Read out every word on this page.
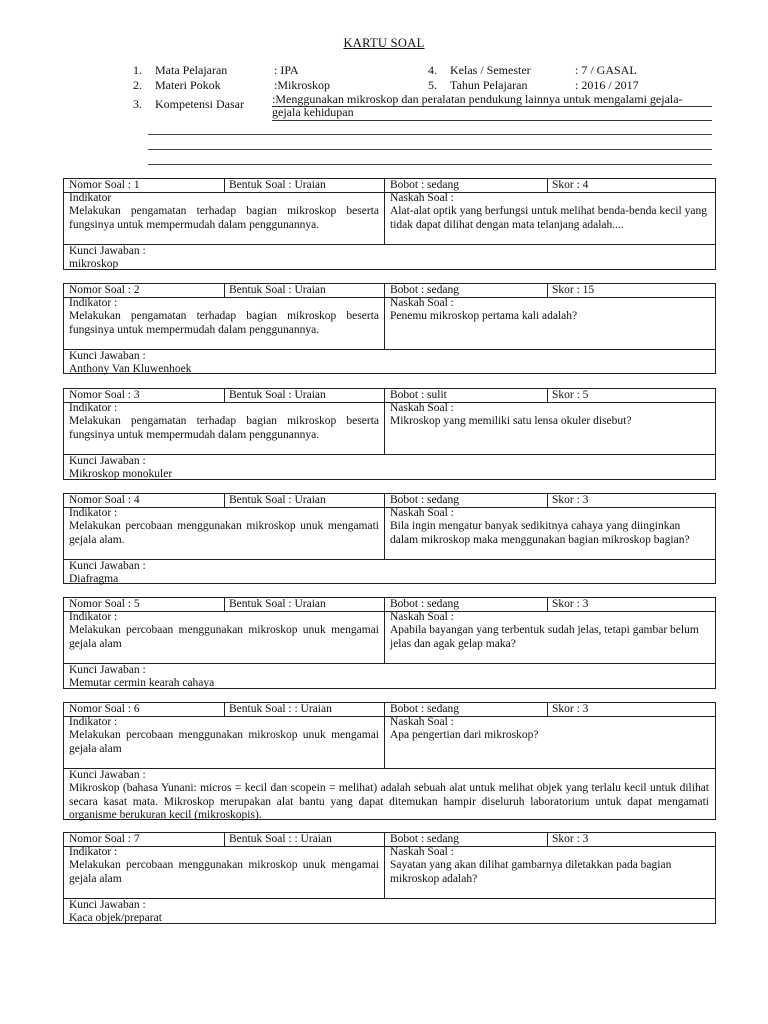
KARTU SOAL
1. Mata Pelajaran	: IPA
2. Materi Pokok	:Mikroskop
3. Kompetensi Dasar :Menggunakan mikroskop dan peralatan pendukung lainnya untuk mengalami gejala- gejala kehidupan
4. Kelas / Semester	: 7 / GASAL
5. Tahun Pelajaran	: 2016 / 2017
Nomor Soal : 1	Bentuk Soal : Uraian	Bobot : sedang	Skor : 4
Indikator
Melakukan pengamatan terhadap bagian mikroskop beserta fungsinya untuk mempermudah dalam penggunannya.
Naskah Soal :
Alat-alat optik yang berfungsi untuk melihat benda-benda kecil yang tidak dapat dilihat dengan mata telanjang adalah....
Kunci Jawaban :
mikroskop
Nomor Soal : 2	Bentuk Soal : Uraian	Bobot : sedang	Skor : 15
Indikator :
Melakukan pengamatan terhadap bagian mikroskop beserta fungsinya untuk mempermudah dalam penggunannya.
Naskah Soal :
Penemu mikroskop pertama kali adalah?
Kunci Jawaban :
Anthony Van Kluwenhoek
Nomor Soal : 3	Bentuk Soal : Uraian	Bobot : sulit	Skor : 5
Indikator :
Melakukan pengamatan terhadap bagian mikroskop beserta fungsinya untuk mempermudah dalam penggunannya.
Naskah Soal :
Mikroskop yang memiliki satu lensa okuler disebut?
Kunci Jawaban :
Mikroskop monokuler
Nomor Soal : 4	Bentuk Soal : Uraian	Bobot : sedang	Skor : 3
Indikator :
Melakukan percobaan menggunakan mikroskop unuk mengamati gejala alam.
Naskah Soal :
Bila ingin mengatur banyak sedikitnya cahaya yang diinginkan dalam mikroskop maka menggunakan bagian mikroskop bagian?
Kunci Jawaban :
Diafragma
Nomor Soal : 5	Bentuk Soal : Uraian	Bobot : sedang	Skor : 3
Indikator :
Melakukan percobaan menggunakan mikroskop unuk mengamai gejala alam
Naskah Soal :
Apabila bayangan yang terbentuk sudah jelas, tetapi gambar belum jelas dan agak gelap maka?
Kunci Jawaban :
Memutar cermin kearah cahaya
Nomor Soal : 6	Bentuk Soal : : Uraian	Bobot : sedang	Skor : 3
Indikator :
Melakukan percobaan menggunakan mikroskop unuk mengamai gejala alam
Naskah Soal :
Apa pengertian dari mikroskop?
Kunci Jawaban :
Mikroskop (bahasa Yunani: micros = kecil dan scopein = melihat) adalah sebuah alat untuk melihat objek yang terlalu kecil untuk dilihat secara kasat mata. Mikroskop merupakan alat bantu yang dapat ditemukan hampir diseluruh laboratorium untuk dapat mengamati organisme berukuran kecil (mikroskopis).
Nomor Soal : 7	Bentuk Soal : : Uraian	Bobot : sedang	Skor : 3
Indikator :
Melakukan percobaan menggunakan mikroskop unuk mengamai gejala alam
Naskah Soal :
Sayatan yang akan dilihat gambarnya diletakkan pada bagian mikroskop adalah?
Kunci Jawaban :
Kaca objek/preparat
